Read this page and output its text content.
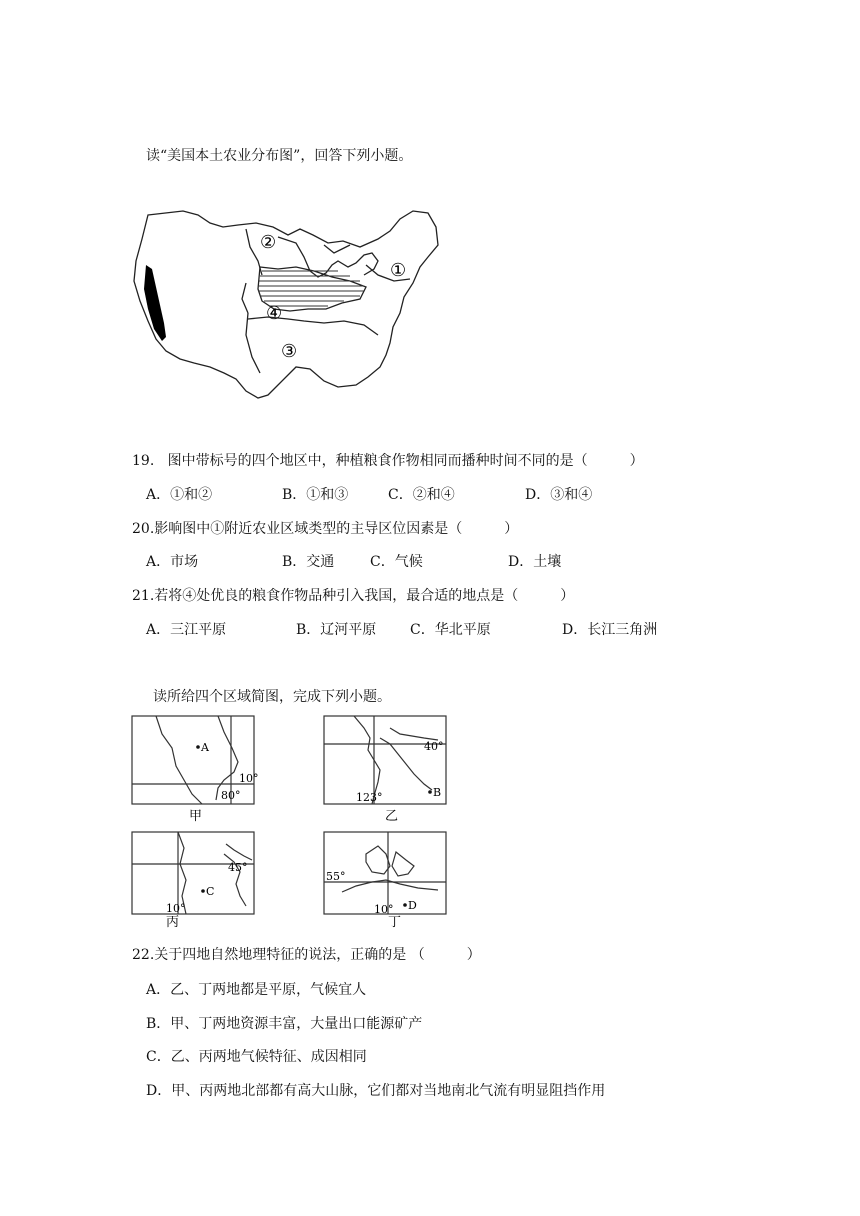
读“美国本土农业分布图”，回答下列小题。
②
①
④
③
19. 图中带标号的四个地区中，种植粮食作物相同而播种时间不同的是（　　　）
A．①和②	B．①和③	C．②和④	D．③和④
20.影响图中①附近农业区域类型的主导区位因素是（　　　）
A．市场	B．交通	C．气候	D．土壤
21.若将④处优良的粮食作物品种引入我国，最合适的地点是（　　　）
A．三江平原	B．辽河平原 C．华北平原	D．长江三角洲
读所给四个区域简图，完成下列小题。
A
10°
80°
甲
40°
123°	B
乙
45°
C
10°
丙
55°
10° D
丁
22.关于四地自然地理特征的说法，正确的是 （　　　）
A．乙、丁两地都是平原，气候宜人
B．甲、丁两地资源丰富，大量出口能源矿产
C．乙、丙两地气候特征、成因相同
D．甲、丙两地北部都有高大山脉，它们都对当地南北气流有明显阻挡作用
